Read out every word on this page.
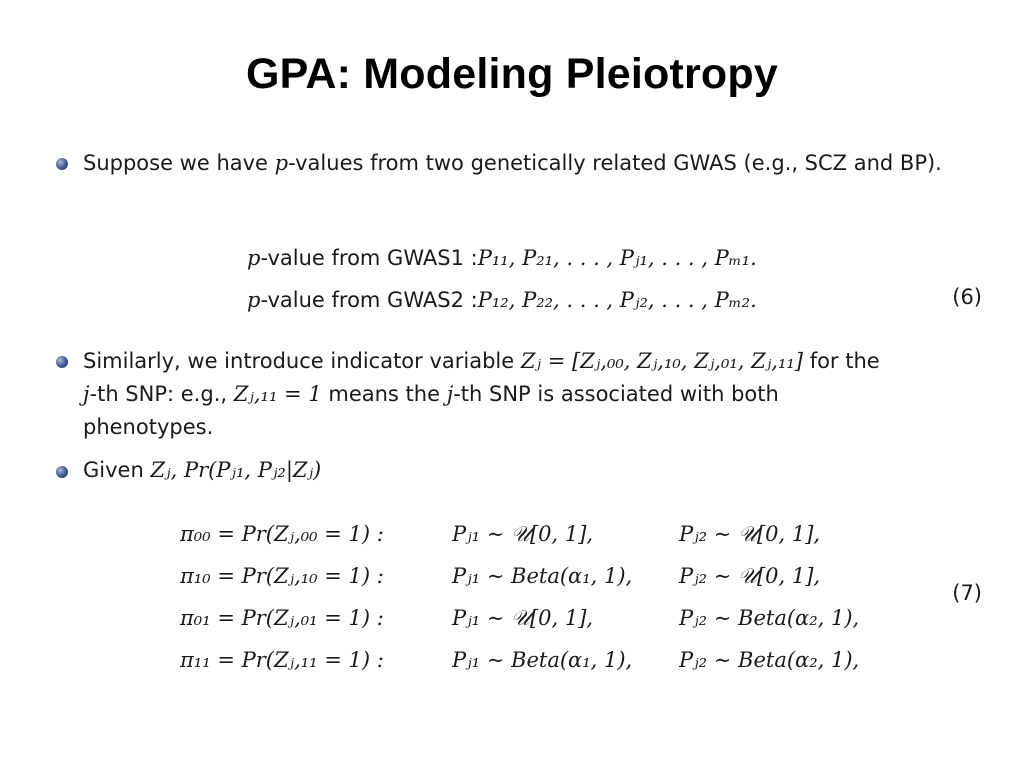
GPA: Modeling Pleiotropy
Suppose we have p-values from two genetically related GWAS (e.g., SCZ and BP).
p-value from GWAS1 :P₁₁, P₂₁, . . . , Pⱼ₁, . . . , Pₘ₁.
p-value from GWAS2 :P₁₂, P₂₂, . . . , Pⱼ₂, . . . , Pₘ₂.	(6)
Similarly, we introduce indicator variable Zⱼ = [Zⱼ,₀₀, Zⱼ,₁₀, Zⱼ,₀₁, Zⱼ,₁₁] for the
j-th SNP: e.g., Zⱼ,₁₁ = 1 means the j-th SNP is associated with both
phenotypes.
Given Zⱼ, Pr(Pⱼ₁, Pⱼ₂|Zⱼ)
π₀₀ = Pr(Zⱼ,₀₀ = 1) :	Pⱼ₁ ∼ 𝒰[0, 1],	Pⱼ₂ ∼ 𝒰[0, 1],
π₁₀ = Pr(Zⱼ,₁₀ = 1) :	Pⱼ₁ ∼ Beta(α₁, 1), Pⱼ₂ ∼ 𝒰[0, 1],
π₀₁ = Pr(Zⱼ,₀₁ = 1) :	Pⱼ₁ ∼ 𝒰[0, 1],	Pⱼ₂ ∼ Beta(α₂, 1),
π₁₁ = Pr(Zⱼ,₁₁ = 1) :	Pⱼ₁ ∼ Beta(α₁, 1), Pⱼ₂ ∼ Beta(α₂, 1),
(7)
